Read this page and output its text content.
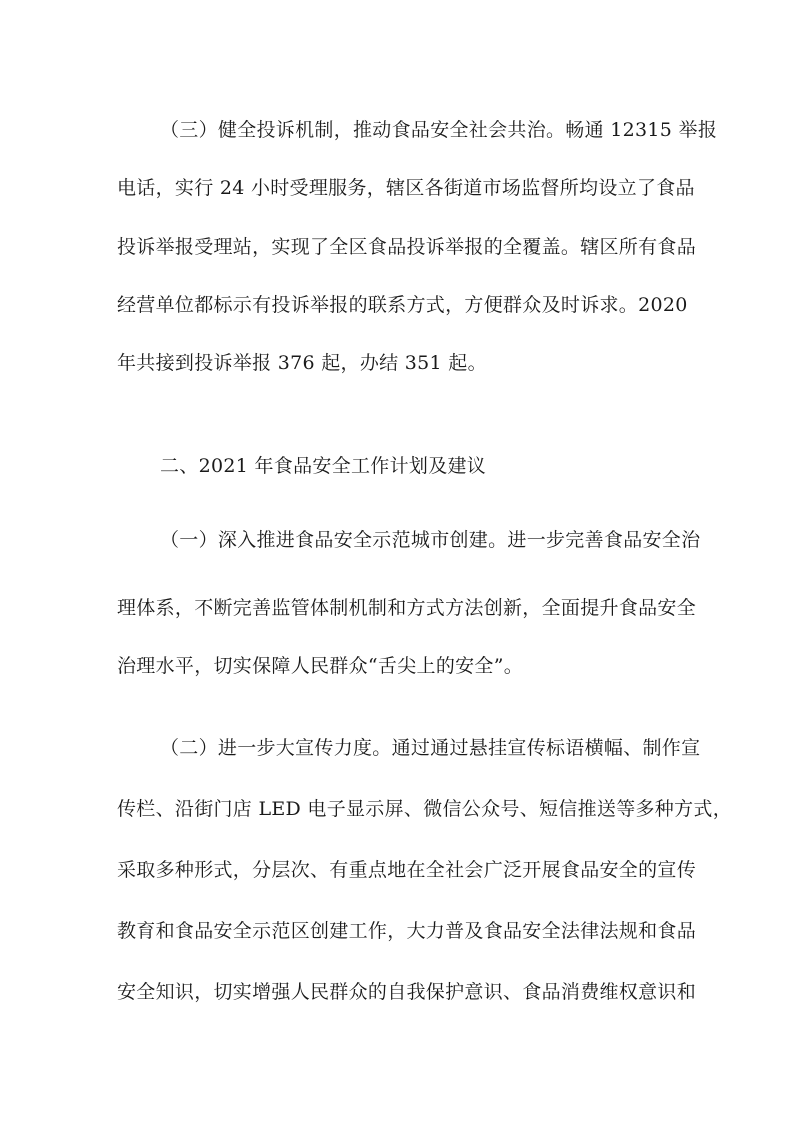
（三）健全投诉机制，推动食品安全社会共治。畅通 12315 举报
电话，实行 24 小时受理服务，辖区各街道市场监督所均设立了食品
投诉举报受理站，实现了全区食品投诉举报的全覆盖。辖区所有食品
经营单位都标示有投诉举报的联系方式，方便群众及时诉求。2020
年共接到投诉举报 376 起，办结 351 起。
二、2021 年食品安全工作计划及建议
（一）深入推进食品安全示范城市创建。进一步完善食品安全治
理体系，不断完善监管体制机制和方式方法创新，全面提升食品安全
治理水平，切实保障人民群众“舌尖上的安全”。
（二）进一步大宣传力度。通过通过悬挂宣传标语横幅、制作宣
传栏、沿街门店 LED 电子显示屏、微信公众号、短信推送等多种方式，
采取多种形式，分层次、有重点地在全社会广泛开展食品安全的宣传
教育和食品安全示范区创建工作，大力普及食品安全法律法规和食品
安全知识，切实增强人民群众的自我保护意识、食品消费维权意识和
